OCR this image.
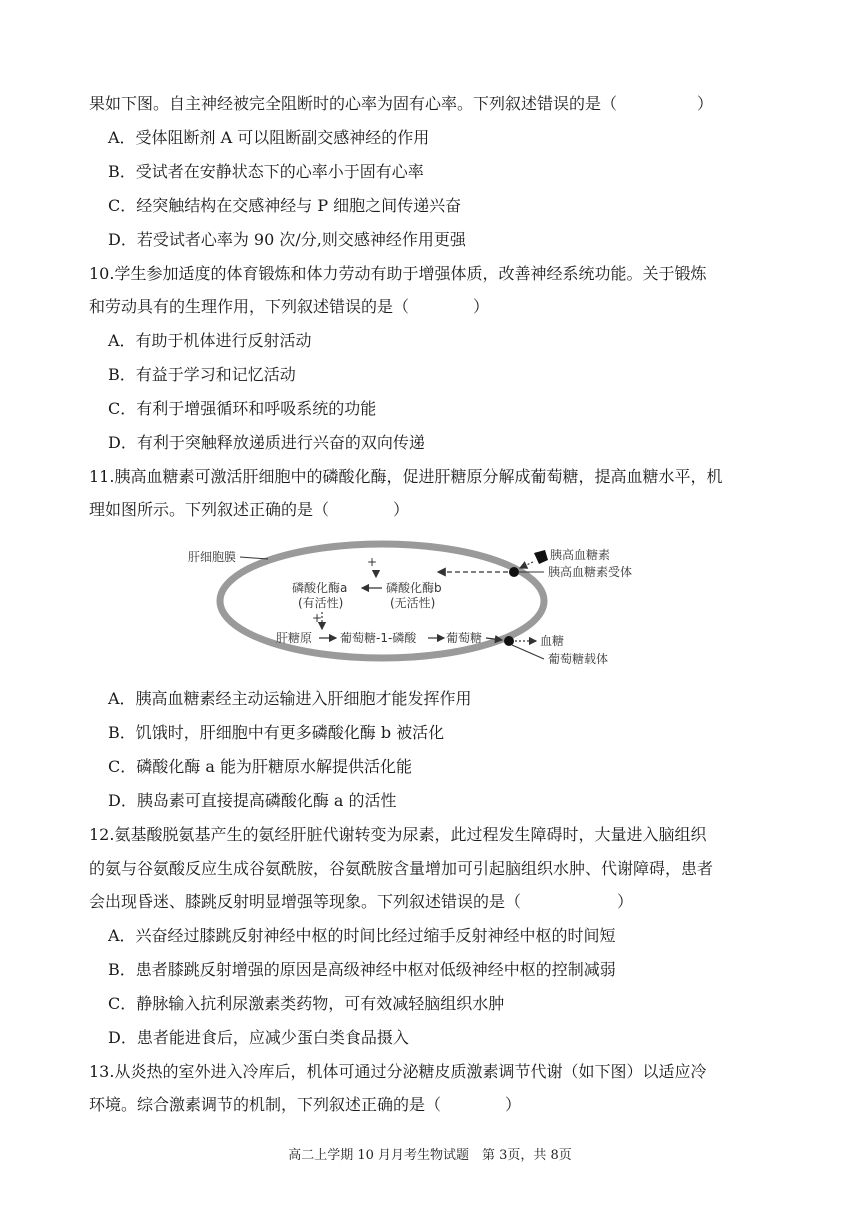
果如下图。自主神经被完全阻断时的心率为固有心率。下列叙述错误的是（　　　　　）
A．受体阻断剂 A 可以阻断副交感神经的作用
B．受试者在安静状态下的心率小于固有心率
C．经突触结构在交感神经与 P 细胞之间传递兴奋
D．若受试者心率为 90 次/分,则交感神经作用更强
10.学生参加适度的体育锻炼和体力劳动有助于增强体质，改善神经系统功能。关于锻炼
和劳动具有的生理作用，下列叙述错误的是（　　　　）
A．有助于机体进行反射活动
B．有益于学习和记忆活动
C．有利于增强循环和呼吸系统的功能
D．有利于突触释放递质进行兴奋的双向传递
11.胰高血糖素可激活肝细胞中的磷酸化酶，促进肝糖原分解成葡萄糖，提高血糖水平，机
理如图所示。下列叙述正确的是（　　　　）
肝细胞膜	胰高血糖素
胰高血糖素受体
+
磷酸化酶a
(有活性)
磷酸化酶b
(无活性)
+
肝糖原 葡萄糖-1-磷酸 葡萄糖	血糖
葡萄糖载体
A．胰高血糖素经主动运输进入肝细胞才能发挥作用
B．饥饿时，肝细胞中有更多磷酸化酶 b 被活化
C．磷酸化酶 a 能为肝糖原水解提供活化能
D．胰岛素可直接提高磷酸化酶 a 的活性
12.氨基酸脱氨基产生的氨经肝脏代谢转变为尿素，此过程发生障碍时，大量进入脑组织
的氨与谷氨酸反应生成谷氨酰胺，谷氨酰胺含量增加可引起脑组织水肿、代谢障碍，患者
会出现昏迷、膝跳反射明显增强等现象。下列叙述错误的是（　　　　　　）
A．兴奋经过膝跳反射神经中枢的时间比经过缩手反射神经中枢的时间短
B．患者膝跳反射增强的原因是高级神经中枢对低级神经中枢的控制减弱
C．静脉输入抗利尿激素类药物，可有效减轻脑组织水肿
D．患者能进食后，应减少蛋白类食品摄入
13.从炎热的室外进入冷库后，机体可通过分泌糖皮质激素调节代谢（如下图）以适应冷
环境。综合激素调节的机制，下列叙述正确的是（　　　　）
高二上学期 10 月月考生物试题　第 3页，共 8页
